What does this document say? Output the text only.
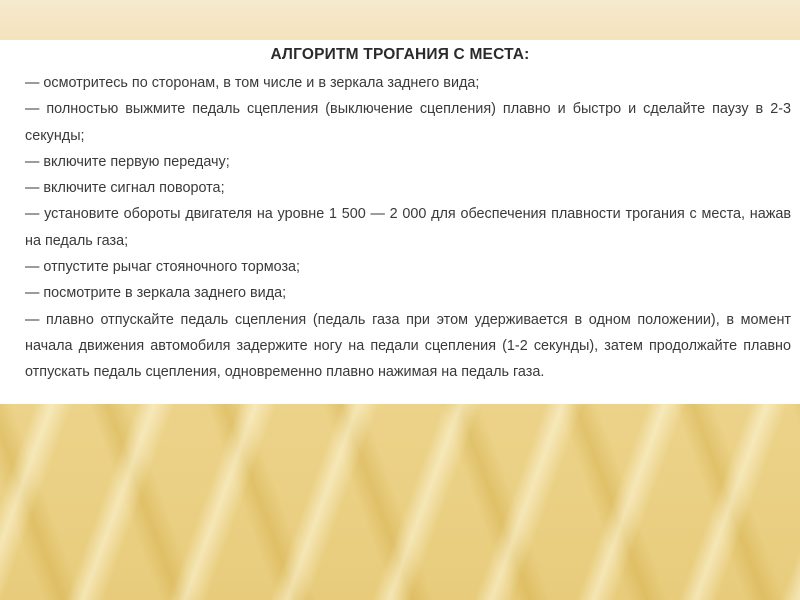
АЛГОРИТМ ТРОГАНИЯ С МЕСТА:
— осмотритесь по сторонам, в том числе и в зеркала заднего вида;
— полностью выжмите педаль сцепления (выключение сцепления) плавно и быстро и сделайте паузу в 2-3 секунды;
— включите первую передачу;
— включите сигнал поворота;
— установите обороты двигателя на уровне 1 500 — 2 000 для обеспечения плавности трогания с места, нажав на педаль газа;
— отпустите рычаг стояночного тормоза;
— посмотрите в зеркала заднего вида;
— плавно отпускайте педаль сцепления (педаль газа при этом удерживается в одном положении), в момент начала движения автомобиля задержите ногу на педали сцепления (1-2 секунды), затем продолжайте плавно отпускать педаль сцепления, одновременно плавно нажимая на педаль газа.
